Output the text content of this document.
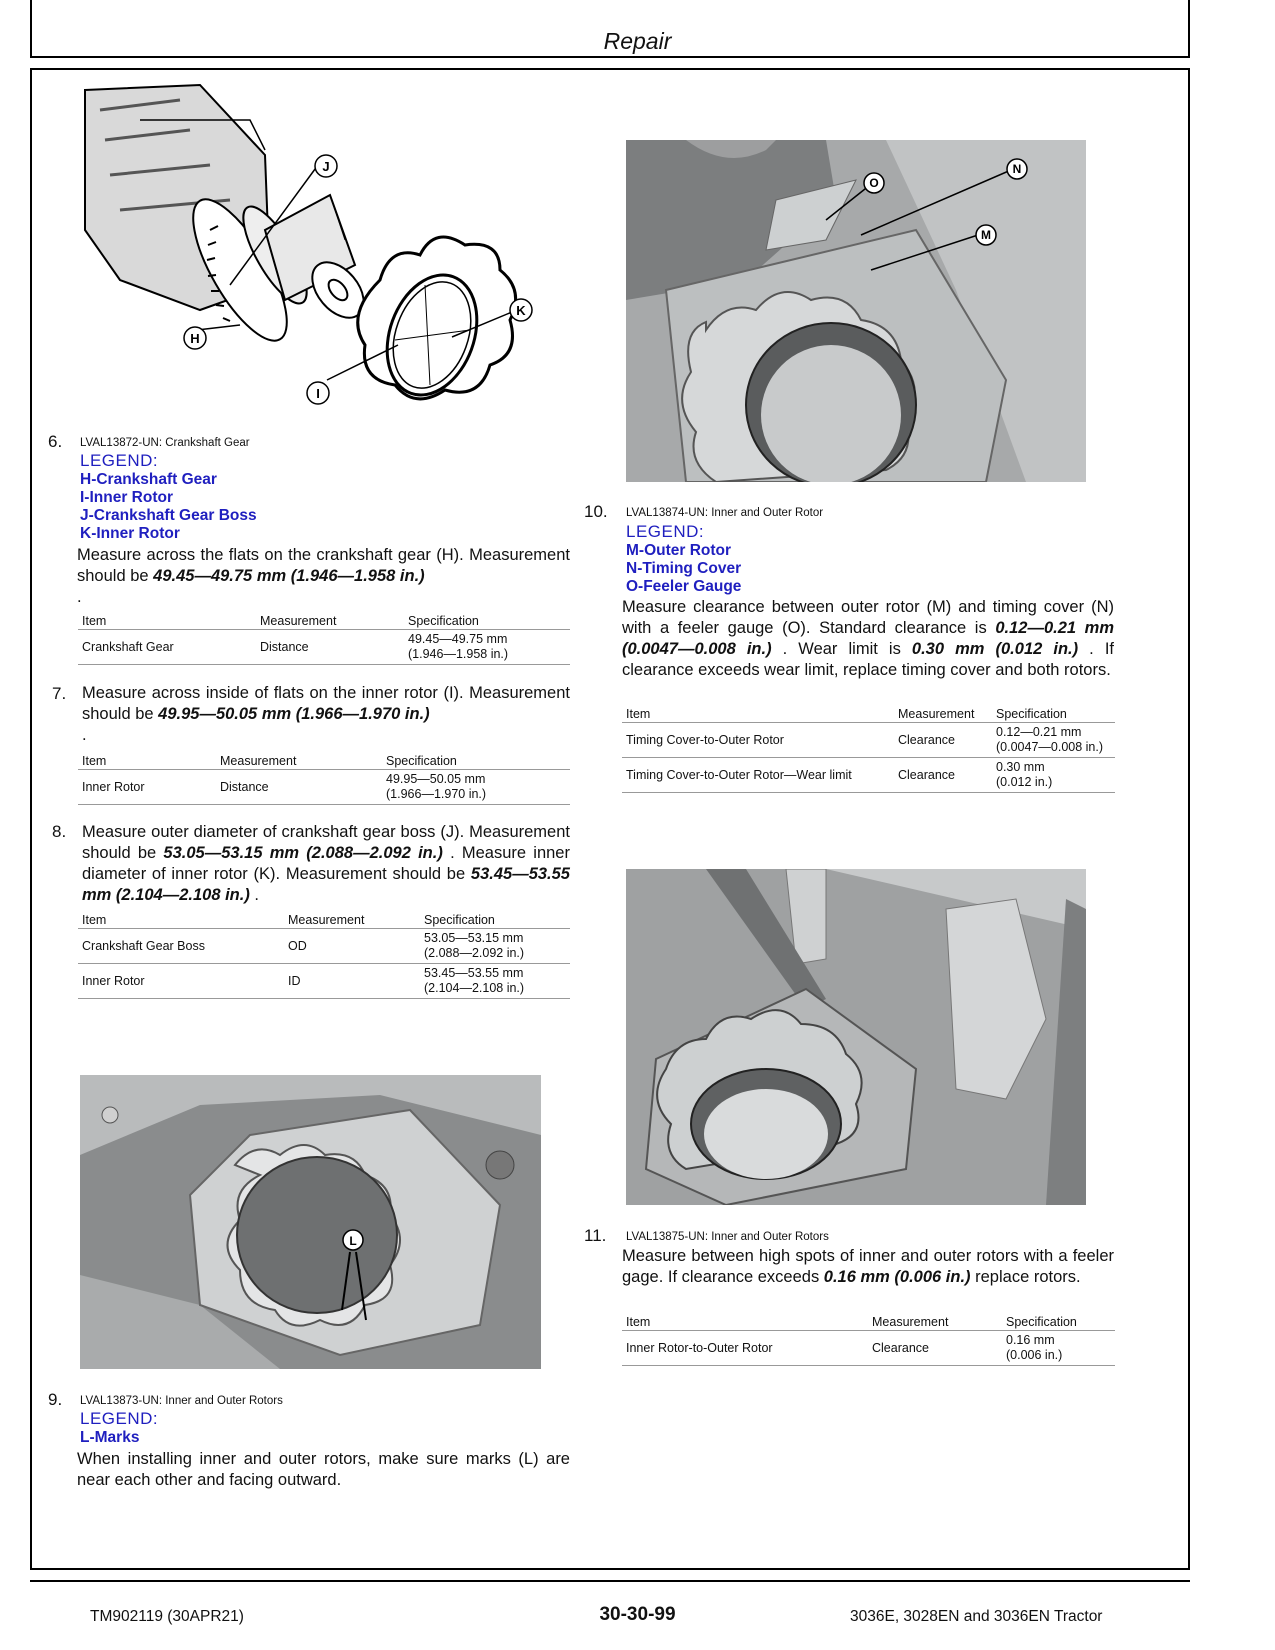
Repair
J
H
I
K
6. LVAL13872-UN: Crankshaft Gear
LEGEND:
H-Crankshaft Gear
I-Inner Rotor
J-Crankshaft Gear Boss
K-Inner Rotor
Measure across the flats on the crankshaft gear (H). Measurement should be 49.45—49.75 mm (1.946—1.958 in.)
.
Item	Measurement	Specification
Crankshaft Gear	Distance	49.45—49.75 mm
(1.946—1.958 in.)
7. Measure across inside of flats on the inner rotor (I). Measurement should be 49.95—50.05 mm (1.966—1.970 in.)
.
Item	Measurement	Specification
Inner Rotor	Distance	49.95—50.05 mm
(1.966—1.970 in.)
8. Measure outer diameter of crankshaft gear boss (J). Measurement should be 53.05—53.15 mm (2.088—2.092 in.) . Measure inner diameter of inner rotor (K). Measurement should be 53.45—53.55 mm (2.104—2.108 in.) .
Item	Measurement	Specification
Crankshaft Gear Boss	OD	53.05—53.15 mm
(2.088—2.092 in.)
Inner Rotor	ID	53.45—53.55 mm
(2.104—2.108 in.)
L
9. LVAL13873-UN: Inner and Outer Rotors
LEGEND:
L-Marks
When installing inner and outer rotors, make sure marks (L) are near each other and facing outward.
O
N
M
10. LVAL13874-UN: Inner and Outer Rotor
LEGEND:
M-Outer Rotor
N-Timing Cover
O-Feeler Gauge
Measure clearance between outer rotor (M) and timing cover (N) with a feeler gauge (O). Standard clearance is 0.12—0.21 mm (0.0047—0.008 in.) . Wear limit is 0.30 mm (0.012 in.) . If clearance exceeds wear limit, replace timing cover and both rotors.
Item	Measurement	Specification
Timing Cover-to-Outer Rotor	Clearance	0.12—0.21 mm
(0.0047—0.008 in.)
Timing Cover-to-Outer Rotor—Wear limit	Clearance	0.30 mm
(0.012 in.)
11. LVAL13875-UN: Inner and Outer Rotors
Measure between high spots of inner and outer rotors with a feeler gage. If clearance exceeds 0.16 mm (0.006 in.) replace rotors.
Item	Measurement	Specification
Inner Rotor-to-Outer Rotor	Clearance	0.16 mm
(0.006 in.)
TM902119 (30APR21)	30-30-99	3036E, 3028EN and 3036EN Tractor
